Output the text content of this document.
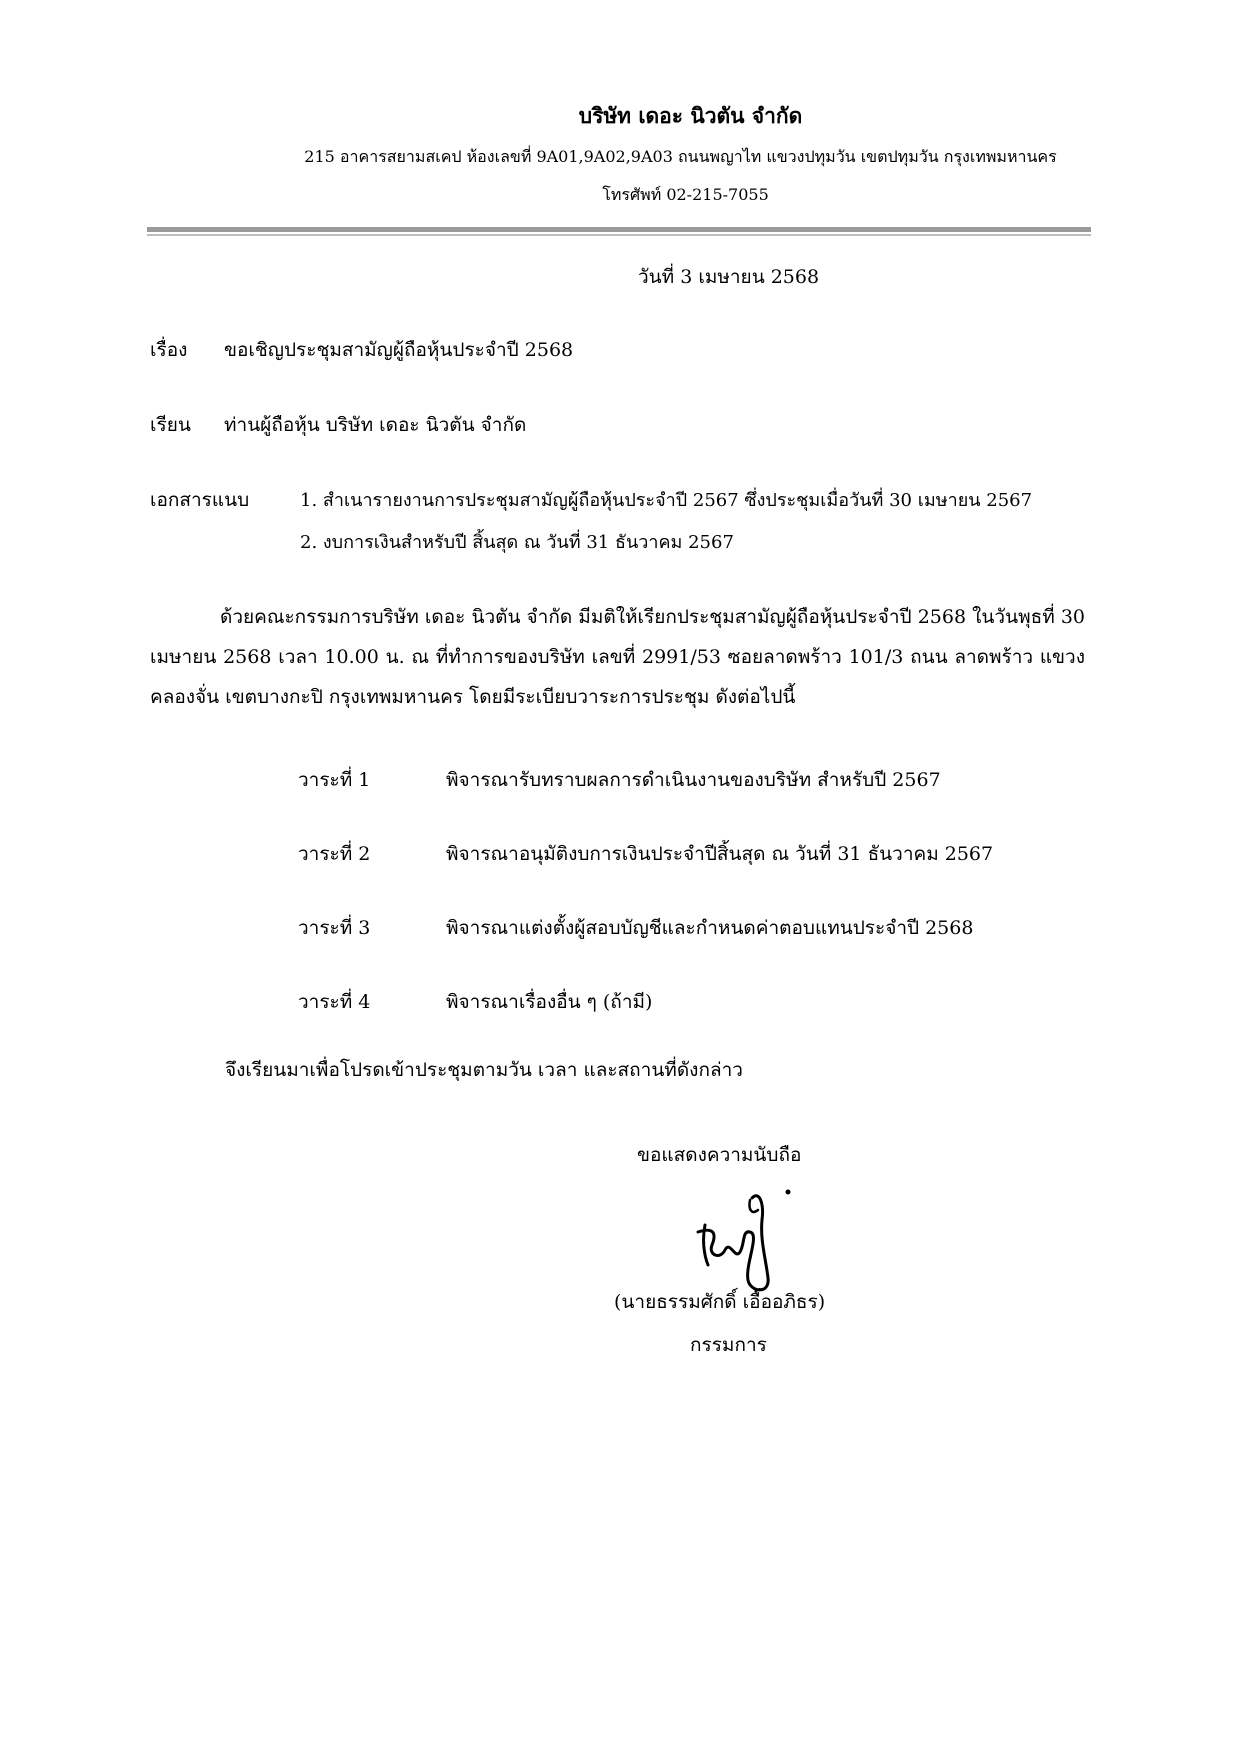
บริษัท เดอะ นิวตัน จำกัด
215 อาคารสยามสเคป ห้องเลขที่ 9A01,9A02,9A03 ถนนพญาไท แขวงปทุมวัน เขตปทุมวัน กรุงเทพมหานคร
โทรศัพท์ 02-215-7055
วันที่ 3 เมษายน 2568
เรื่อง ขอเชิญประชุมสามัญผู้ถือหุ้นประจำปี 2568
เรียน ท่านผู้ถือหุ้น บริษัท เดอะ นิวตัน จำกัด
เอกสารแนบ	1. สำเนารายงานการประชุมสามัญผู้ถือหุ้นประจำปี 2567 ซึ่งประชุมเมื่อวันที่ 30 เมษายน 2567
2. งบการเงินสำหรับปี สิ้นสุด ณ วันที่ 31 ธันวาคม 2567
ด้วยคณะกรรมการบริษัท เดอะ นิวตัน จำกัด มีมติให้เรียกประชุมสามัญผู้ถือหุ้นประจำปี 2568 ในวันพุธที่ 30 เมษายน 2568 เวลา 10.00 น. ณ ที่ทำการของบริษัท เลขที่ 2991/53 ซอยลาดพร้าว 101/3 ถนน ลาดพร้าว แขวงคลองจั่น เขตบางกะปิ กรุงเทพมหานคร โดยมีระเบียบวาระการประชุม ดังต่อไปนี้
วาระที่ 1	พิจารณารับทราบผลการดำเนินงานของบริษัท สำหรับปี 2567
วาระที่ 2	พิจารณาอนุมัติงบการเงินประจำปีสิ้นสุด ณ วันที่ 31 ธันวาคม 2567
วาระที่ 3	พิจารณาแต่งตั้งผู้สอบบัญชีและกำหนดค่าตอบแทนประจำปี 2568
วาระที่ 4	พิจารณาเรื่องอื่น ๆ (ถ้ามี)
จึงเรียนมาเพื่อโปรดเข้าประชุมตามวัน เวลา และสถานที่ดังกล่าว
ขอแสดงความนับถือ
(นายธรรมศักดิ์ เอื้ออภิธร)
กรรมการ
